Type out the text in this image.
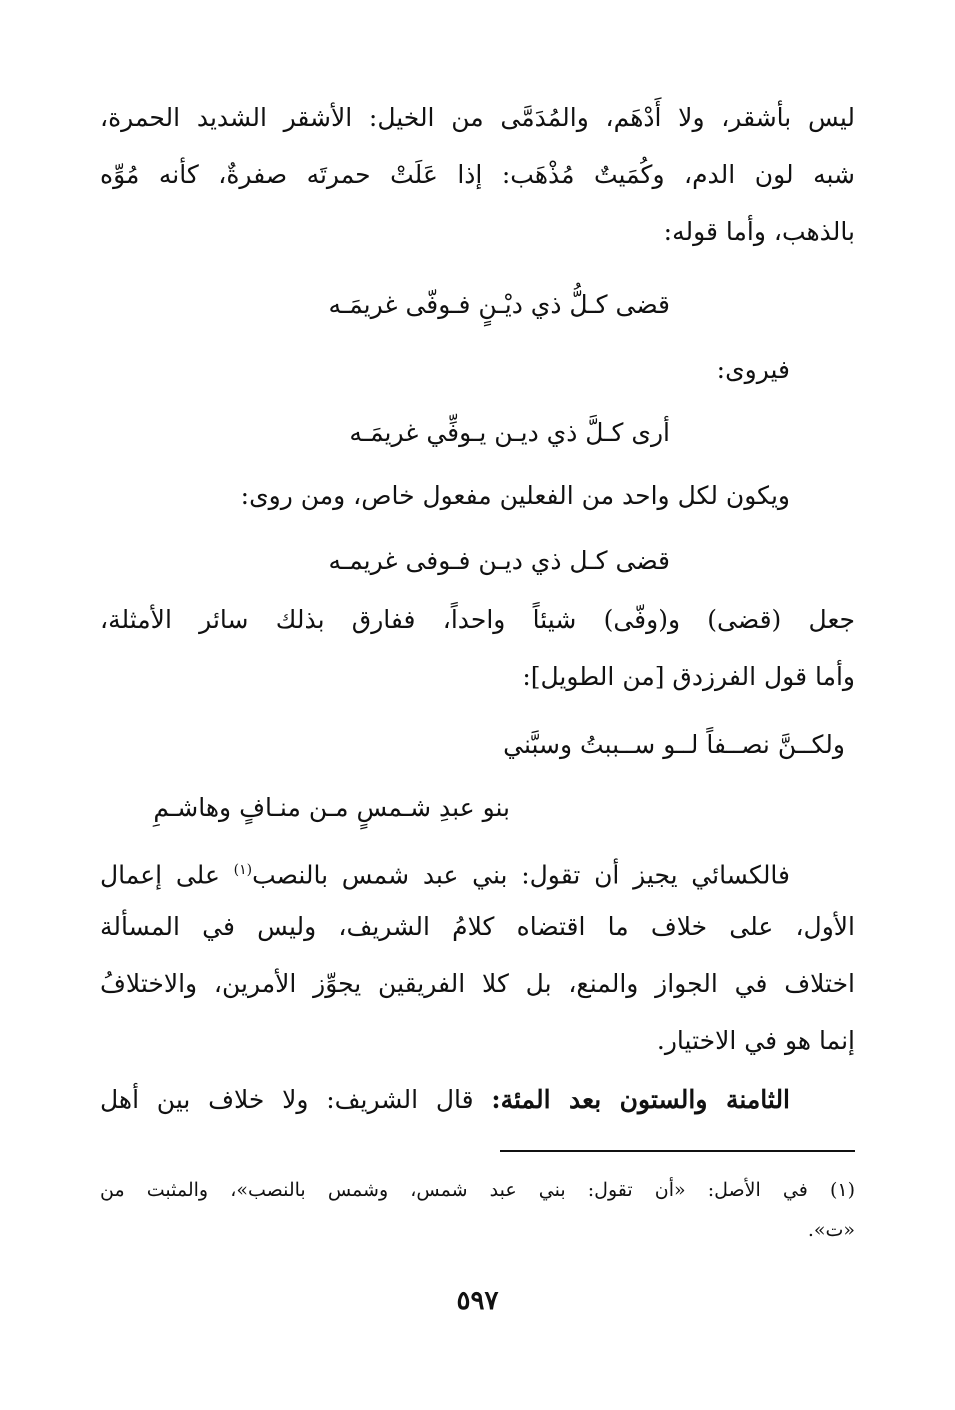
ليس بأشقر، ولا أَدْهَم، والمُدَمَّى من الخيل: الأشقر الشديد الحمرة،
شبه لون الدم، وكُمَيتٌ مُذْهَب: إذا عَلَتْ حمرتَه صفرةٌ، كأنه مُوِّه
بالذهب، وأما قوله:
قضى كـلُّ ذي ديْـنٍ فـوفّى غريمَـه
فيروى:
أرى كـلَّ ذي ديـن يـوفِّي غريمَـه
ويكون لكل واحد من الفعلين مفعول خاص، ومن روى:
قضى كـل ذي ديـن فـوفى غريمـه
جعل (قضى) و(وفّى) شيئاً واحداً، ففارق بذلك سائر الأمثلة،
وأما قول الفرزدق [من الطويل]:
ولكــنَّ نصــفاً لــو ســببتُ وسبَّني
بنو عبدِ شـمسٍ مـن منـافٍ وهاشـمِ
فالكسائي يجيز أن تقول: بني عبد شمس بالنصب$^{(١)}$ على إعمال
الأول، على خلاف ما اقتضاه كلامُ الشريف، وليس في المسألة
اختلاف في الجواز والمنع، بل كلا الفريقين يجوِّز الأمرين، والاختلافُ
إنما هو في الاختيار.
الثامنة والستون بعد المئة: قال الشريف: ولا خلاف بين أهل
(١) في الأصل: «أن تقول: بني عبد شمس، وشمس بالنصب»، والمثبت من
«ت».
٥٩٧
